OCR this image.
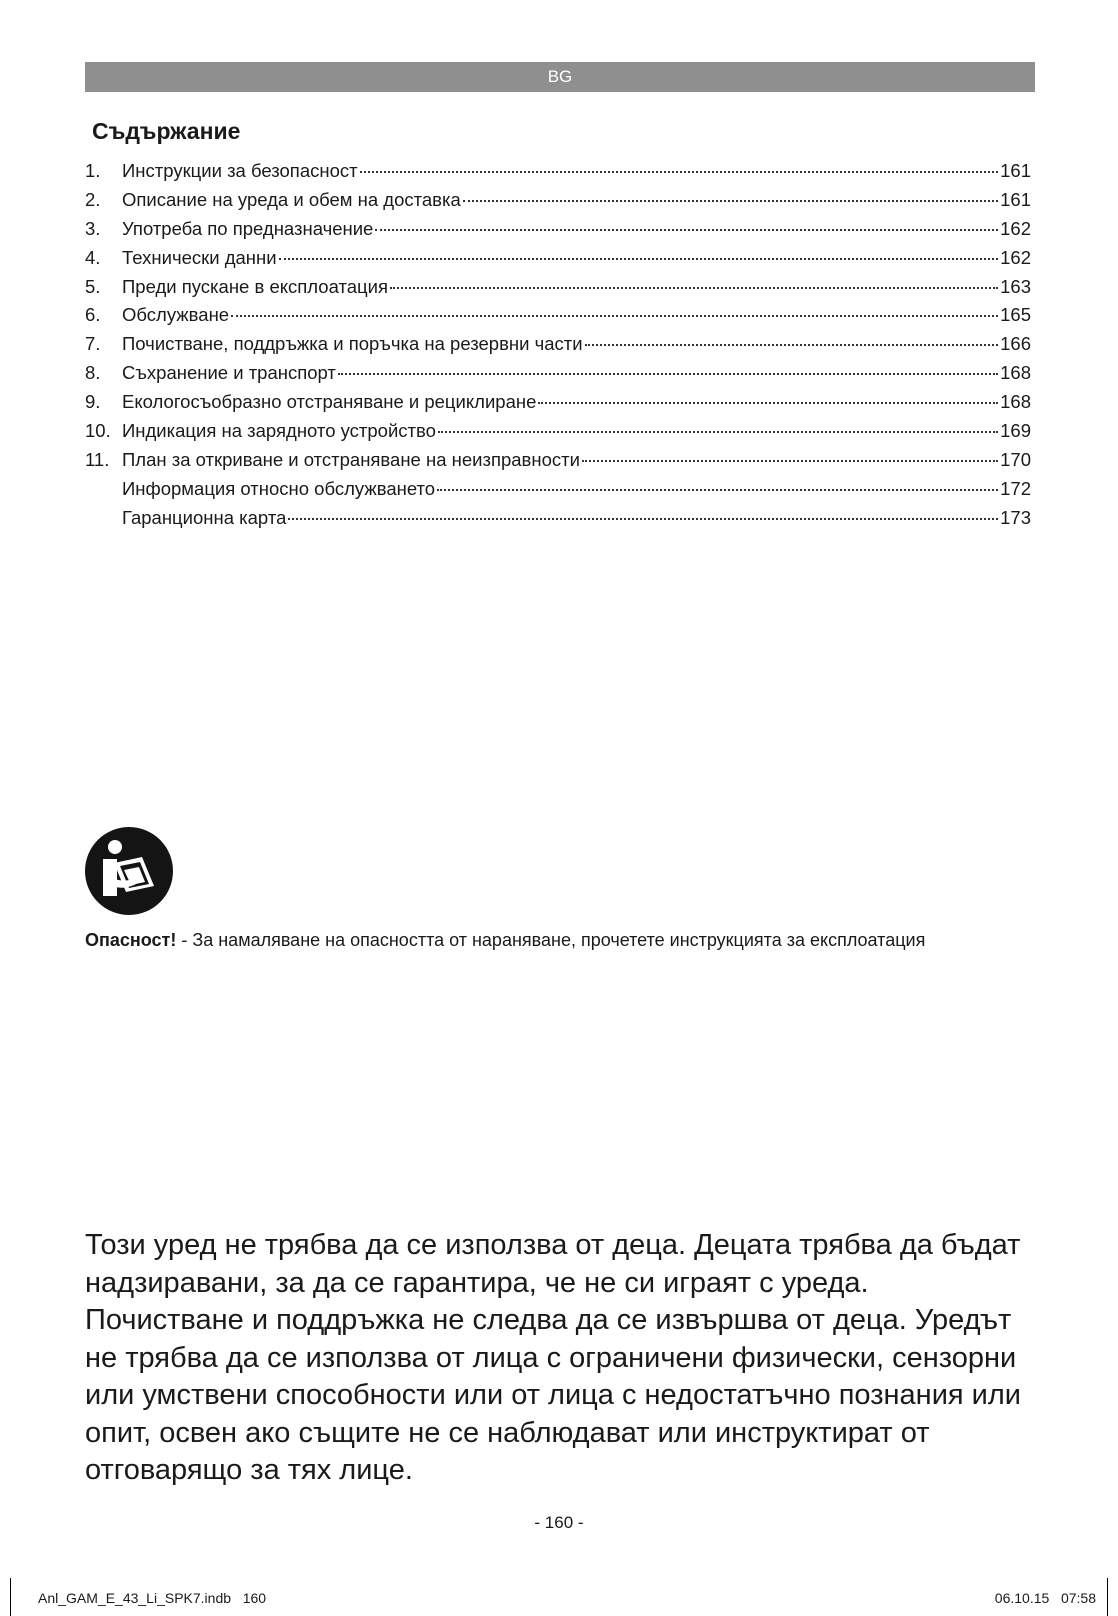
BG
Съдържание
1.	Инструкции за безопасност	161
2.	Описание на уреда и обем на доставка	161
3.	Употреба по предназначение	162
4.	Технически данни	162
5.	Преди пускане в експлоатация	163
6.	Обслужване	165
7.	Почистване, поддръжка и поръчка на резервни части	166
8.	Съхранение и транспорт	168
9.	Екологосъобразно отстраняване и рециклиране	168
10. Индикация на зарядното устройство	169
11. План за откриване и отстраняване на неизправности	170
Информация относно обслужването	172
Гаранционна карта	173
Опасност! - За намаляване на опасността от нараняване, прочетете инструкцията за експлоатация
Този уред не трябва да се използва от деца. Децата трябва да бъдат надзиравани, за да се гарантира, че не си играят с уреда. Почистване и поддръжка не следва да се извършва от деца. Уредът не трябва да се използва от лица с ограничени физически, сензорни или умствени способности или от лица с недостатъчно познания или опит, освен ако същите не се наблюдават или инструктират от отговарящо за тях лице.
- 160 -
Anl_GAM_E_43_Li_SPK7.indb   160	06.10.15   07:58
